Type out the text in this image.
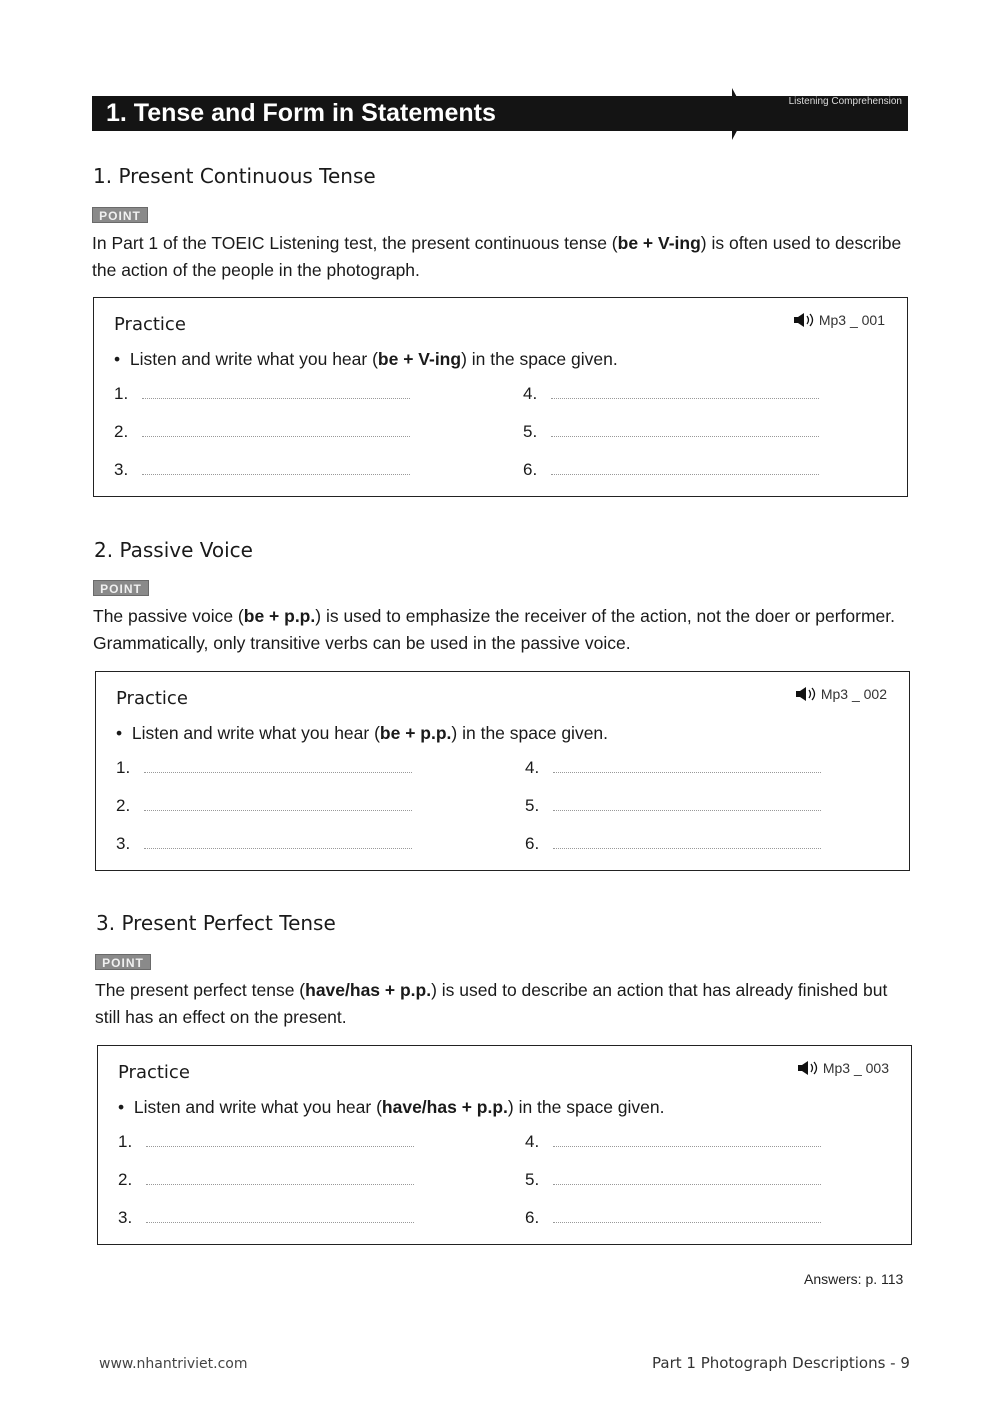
1. Tense and Form in Statements	Listening Comprehension
1. Present Continuous Tense
POINT
In Part 1 of the TOEIC Listening test, the present continuous tense (be + V-ing) is often used to describe the action of the people in the photograph.
Practice	Mp3 _ 001
•  Listen and write what you hear (be + V-ing) in the space given.
1.
2.
3.
4.
5.
6.
2. Passive Voice
POINT
The passive voice (be + p.p.) is used to emphasize the receiver of the action, not the doer or performer. Grammatically, only transitive verbs can be used in the passive voice.
Practice	Mp3 _ 002
•  Listen and write what you hear (be + p.p.) in the space given.
1.
2.
3.
4.
5.
6.
3. Present Perfect Tense
POINT
The present perfect tense (have/has + p.p.) is used to describe an action that has already finished but still has an effect on the present.
Practice	Mp3 _ 003
•  Listen and write what you hear (have/has + p.p.) in the space given.
1.
2.
3.
4.
5.
6.
Answers: p. 113
www.nhantriviet.com	Part 1 Photograph Descriptions - 9
